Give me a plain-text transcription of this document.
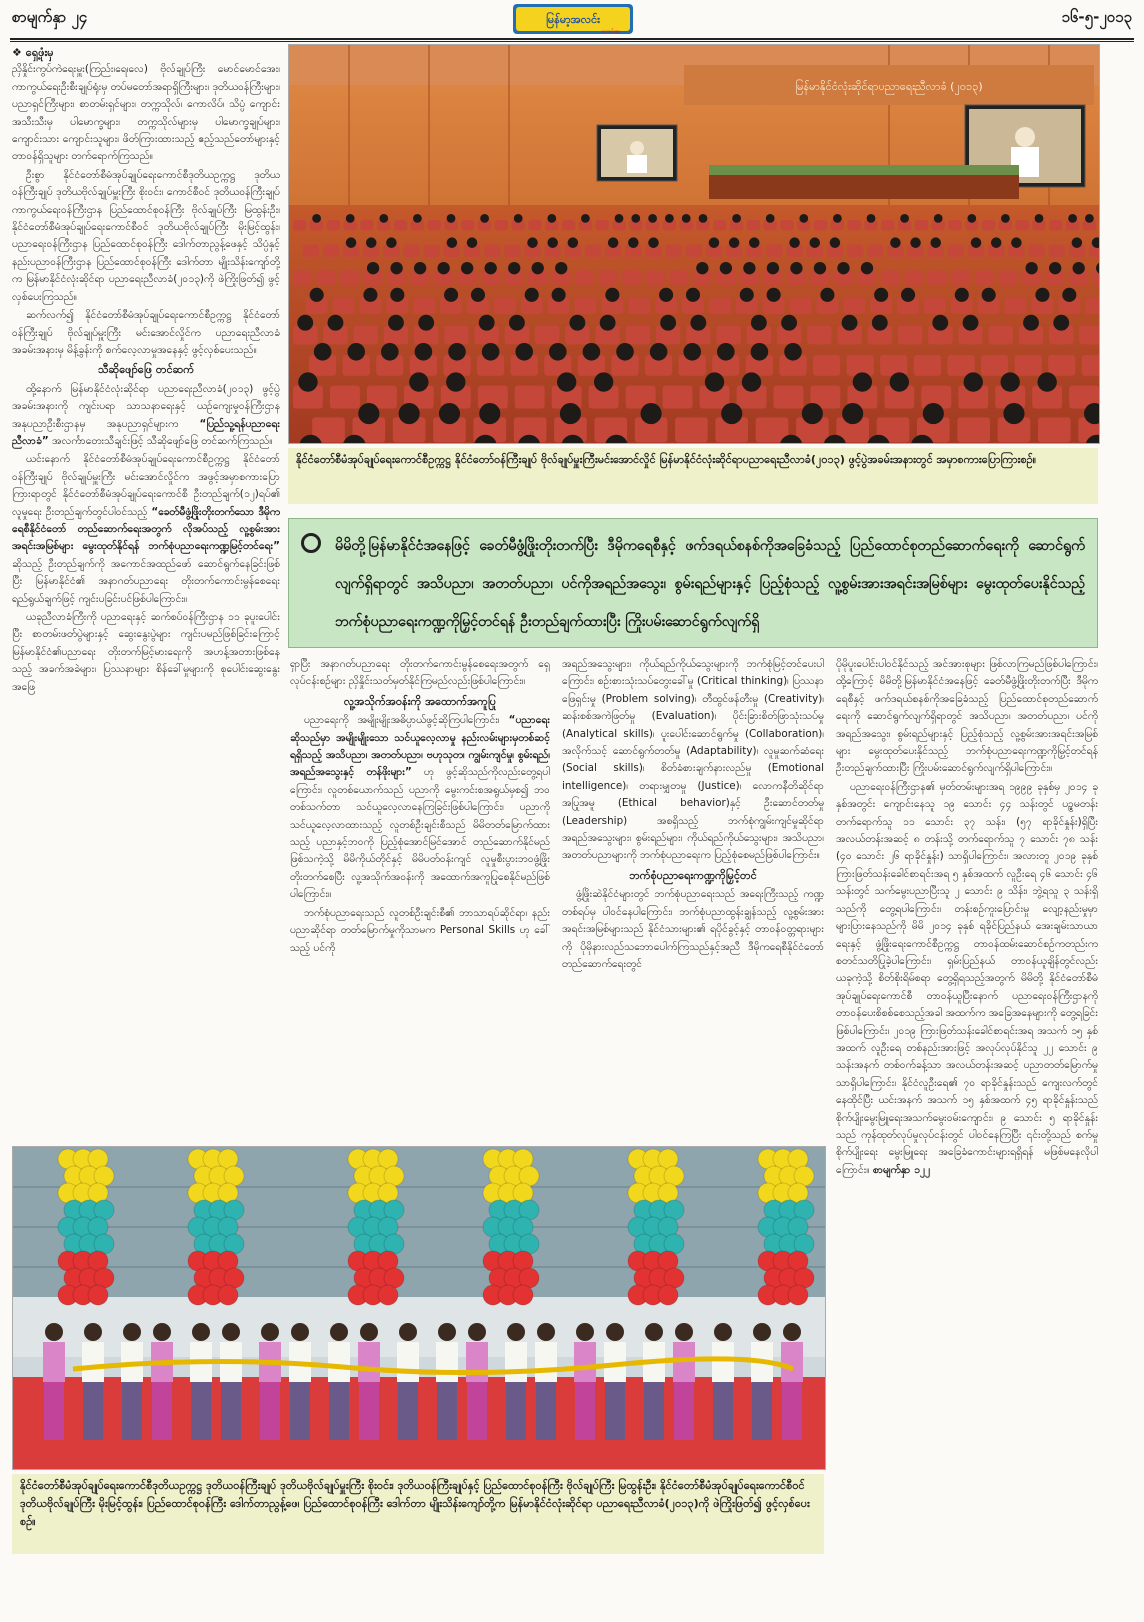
စာမျက်နှာ ၂၄	မြန်မာ့အလင်း
သတင်းစာ
၁၆-၅-၂၀၁၃
❖ ရှေ့ဖုံးမှ

ညှိနှိုင်းကွပ်ကဲရေးမှူး(ကြည်း၊ရေ၊လေ) ဗိုလ်ချုပ်ကြီး မောင်မောင်အေး၊ ကာကွယ်ရေးဦးစီးချုပ်ရုံးမှ တပ်မတော်အရာရှိကြီးများ၊ ဒုတိယဝန်ကြီးများ၊ ပညာရှင်ကြီးများ၊ စာတမ်းရှင်များ၊ တက္ကသိုလ်၊ ကောလိပ်၊ သိပ္ပံ ကျောင်းအသီးသီးမှ ပါမောက္ခများ၊ တက္ကသိုလ်များမှ ပါမောက္ခချုပ်များ၊ ကျောင်းသား ကျောင်းသူများ၊ ဖိတ်ကြားထားသည့် ဧည့်သည်တော်များနှင့် တာဝန်ရှိသူများ တက်ရောက်ကြသည်။

ဦးစွာ နိုင်ငံတော်စီမံအုပ်ချုပ်ရေးကောင်စီဒုတိယဥက္ကဋ္ဌ ဒုတိယဝန်ကြီးချုပ် ဒုတိယဗိုလ်ချုပ်မှူးကြီး စိုးဝင်း၊ ကောင်စီဝင် ဒုတိယဝန်ကြီးချုပ် ကာကွယ်ရေးဝန်ကြီးဌာန ပြည်ထောင်စုဝန်ကြီး ဗိုလ်ချုပ်ကြီး မြထွန်းဦး၊ နိုင်ငံတော်စီမံအုပ်ချုပ်ရေးကောင်စီဝင် ဒုတိယဗိုလ်ချုပ်ကြီး မိုးမြင့်ထွန်း၊ ပညာရေးဝန်ကြီးဌာန ပြည်ထောင်စုဝန်ကြီး ဒေါက်တာညွန့်ဖေနှင့် သိပ္ပံနှင့်နည်းပညာဝန်ကြီးဌာန ပြည်ထောင်စုဝန်ကြီး ဒေါက်တာ မျိုးသိန်းကျော်တို့က မြန်မာနိုင်ငံလုံးဆိုင်ရာ ပညာရေးညီလာခံ(၂၀၁၃)ကို ဖဲကြိုးဖြတ်၍ ဖွင့်လှစ်ပေးကြသည်။

ဆက်လက်၍ နိုင်ငံတော်စီမံအုပ်ချုပ်ရေးကောင်စီဥက္ကဋ္ဌ နိုင်ငံတော်ဝန်ကြီးချုပ် ဗိုလ်ချုပ်မှူးကြီး မင်းအောင်လှိုင်က ပညာရေးညီလာခံ အခမ်းအနားမှ မိန့်ခွန်းကို စက်လေ့လာမှုအနေနှင့် ဖွင့်လှစ်ပေးသည်။

သီဆိုဖျော်ဖြေ တင်ဆက်

ထို့နောက် မြန်မာနိုင်ငံလုံးဆိုင်ရာ ပညာရေးညီလာခံ(၂၀၁၃) ဖွင့်ပွဲအခမ်းအနားကို ကျင်းပရာ သာသနာရေးနှင့် ယဉ်ကျေးမှုဝန်ကြီးဌာန အနုပညာဦးစီးဌာနမှ အနုပညာရှင်များက “ပြည်သူ့ရန်ပညာရေး ညီလာခံ” အလင်္ကာတေးသီချင်းဖြင့် သီဆိုဖျော်ဖြေ တင်ဆက်ကြသည်။

ယင်းနောက် နိုင်ငံတော်စီမံအုပ်ချုပ်ရေးကောင်စီဥက္ကဋ္ဌ နိုင်ငံတော်ဝန်ကြီးချုပ် ဗိုလ်ချုပ်မှူးကြီး မင်းအောင်လှိုင်က အဖွင့်အမှာစကားပြောကြားရာတွင် နိုင်ငံတော်စီမံအုပ်ချုပ်ရေးကောင်စီ ဦးတည်ချက်(၁၂)ရပ်၏ လူမှုရေး ဦးတည်ချက်တွင်ပါဝင်သည့် “ခေတ်မီဖွံ့ဖြိုးတိုးတက်သော ဒီမိုကရေစီနိုင်ငံတော် တည်ဆောက်ရေးအတွက် လိုအပ်သည့် လူ့စွမ်းအား အရင်းအမြစ်များ မွေးထုတ်နိုင်ရန် ဘက်စုံပညာရေးကဏ္ဍမြင့်တင်ရေး” ဆိုသည့် ဦးတည်ချက်ကို အကောင်အထည်ဖော် ဆောင်ရွက်နေခြင်းဖြစ်ပြီး မြန်မာနိုင်ငံ၏ အနာဂတ်ပညာရေး တိုးတက်ကောင်းမွန်စေရေး ရည်ရွယ်ချက်ဖြင့် ကျင်းပခြင်းပင်ဖြစ်ပါကြောင်း။

ယခုညီလာခံကြီးကို ပညာရေးနှင့် ဆက်စပ်ဝန်ကြီးဌာန ၁၁ ခုပူးပေါင်းပြီး စာတမ်းဖတ်ပွဲများနှင့် ဆွေးနွေးပွဲများ ကျင်းပမည်ဖြစ်ခြင်းကြောင့် မြန်မာနိုင်ငံ၏ပညာရေး တိုးတက်မြင့်မားရေးကို အဟန့်အတားဖြစ်နေသည့် အခက်အခဲများ၊ ပြဿနာများ စိန်ခေါ်မှုများကို စုပေါင်းဆွေးနွေးအဖြေ

မြန်မာနိုင်ငံလုံးဆိုင်ရာပညာရေးညီလာခံ (၂၀၁၃)
နိုင်ငံတော်စီမံအုပ်ချုပ်ရေးကောင်စီဥက္ကဋ္ဌ နိုင်ငံတော်ဝန်ကြီးချုပ် ဗိုလ်ချုပ်မှူးကြီးမင်းအောင်လှိုင် မြန်မာနိုင်ငံလုံးဆိုင်ရာပညာရေးညီလာခံ(၂၀၁၃) ဖွင့်ပွဲအခမ်းအနားတွင် အမှာစကားပြောကြားစဉ်။
မိမိတို့မြန်မာနိုင်ငံအနေဖြင့် ခေတ်မီဖွံ့ဖြိုးတိုးတက်ပြီး ဒီမိုကရေစီနှင့် ဖက်ဒရယ်စနစ်ကိုအခြေခံသည့် ပြည်ထောင်စုတည်ဆောက်ရေးကို ဆောင်ရွက်လျက်ရှိရာတွင် အသိပညာ၊ အတတ်ပညာ၊ ပင်ကိုအရည်အသွေး၊ စွမ်းရည်များနှင့် ပြည့်စုံသည့် လူ့စွမ်းအားအရင်းအမြစ်များ မွေးထုတ်ပေးနိုင်သည့် ဘက်စုံပညာရေးကဏ္ဍကိုမြှင့်တင်ရန် ဦးတည်ချက်ထားပြီး ကြိုးပမ်းဆောင်ရွက်လျက်ရှိ

ရှာပြီး အနာဂတ်ပညာရေး တိုးတက်ကောင်းမွန်စေရေးအတွက် ရှေ့လုပ်ငန်းစဉ်များ ညှိနှိုင်းသတ်မှတ်နိုင်ကြမည်လည်းဖြစ်ပါကြောင်း။

လူ့အသိုက်အဝန်းကို အထောက်အကူပြု

ပညာရေးကို အမျိုးမျိုးအဓိပ္ပာယ်ဖွင့်ဆိုကြပါကြောင်း၊ “ပညာရေးဆိုသည်မှာ အမျိုးမျိုးသော သင်ယူလေ့လာမှု နည်းလမ်းများမှတစ်ဆင့်ရရှိသည့် အသိပညာ၊ အတတ်ပညာ၊ ဗဟုသုတ၊ ကျွမ်းကျင်မှု၊ စွမ်းရည်၊ အရည်အသွေးနှင့် တန်ဖိုးများ” ဟု ဖွင့်ဆိုသည်ကိုလည်းတွေ့ရပါကြောင်း၊ လူတစ်ယောက်သည် ပညာကို မွေးကင်းစအရွယ်မှစ၍ ဘဝတစ်သက်တာ သင်ယူလေ့လာနေကြခြင်းဖြစ်ပါကြောင်း၊ ပညာကို သင်ယူလေ့လာထားသည့် လူတစ်ဦးချင်းစီသည် မိမိတတ်မြောက်ထားသည့် ပညာနှင့်ဘဝကို ပြည့်စုံအောင်မြင်အောင် တည်ဆောက်နိုင်မည်ဖြစ်သကဲ့သို့ မိမိကိုယ်တိုင်နှင့် မိမိပတ်ဝန်းကျင် လူမှုစီးပွားဘဝဖွံ့ဖြိုးတိုးတက်စေပြီး လူ့အသိုက်အဝန်းကို အထောက်အကူပြုစေနိုင်မည်ဖြစ်ပါကြောင်း။

ဘက်စုံပညာရေးသည် လူတစ်ဦးချင်းစီ၏ ဘာသာရပ်ဆိုင်ရာ၊ နည်းပညာဆိုင်ရာ တတ်မြောက်မှုကိုသာမက Personal Skills ဟု ခေါ်သည့် ပင်ကို

အရည်အသွေးများ၊ ကိုယ်ရည်ကိုယ်သွေးများကို ဘက်စုံမြင့်တင်ပေးပါကြောင်း၊ စဉ်းစားသုံးသပ်တွေးခေါ်မှု (Critical thinking)၊ ပြဿနာဖြေရှင်းမှု (Problem solving)၊ တီထွင်ဖန်တီးမှု (Creativity)၊ ဆန်းစစ်အကဲဖြတ်မှု (Evaluation)၊ ပိုင်းခြားစိတ်ဖြာသုံးသပ်မှု (Analytical skills)၊ ပူးပေါင်းဆောင်ရွက်မှု (Collaboration)၊ အလိုက်သင့် ဆောင်ရွက်တတ်မှု (Adaptability)၊ လူမှုဆက်ဆံရေး (Social skills)၊ စိတ်ခံစားချက်နားလည်မှု (Emotional intelligence)၊ တရားမျှတမှု (Justice)၊ လောကနီတိဆိုင်ရာ အပြုအမူ (Ethical behavior)နှင့် ဦးဆောင်တတ်မှု (Leadership) အစရှိသည့် ဘက်စုံကျွမ်းကျင်မှုဆိုင်ရာ အရည်အသွေးများ၊ စွမ်းရည်များ၊ ကိုယ်ရည်ကိုယ်သွေးများ၊ အသိပညာ၊ အတတ်ပညာများကို ဘက်စုံပညာရေးက ပြည့်စုံစေမည်ဖြစ်ပါကြောင်း။

ဘက်စုံပညာရေးကဏ္ဍကိုမြှင့်တင်

ဖွံ့ဖြိုးဆဲနိုင်ငံများတွင် ဘက်စုံပညာရေးသည် အရေးကြီးသည့် ကဏ္ဍတစ်ရပ်မှ ပါဝင်နေပါကြောင်း၊ ဘက်စုံပညာထွန်းချွန်သည့် လူ့စွမ်းအား အရင်းအမြစ်များသည် နိုင်ငံသားများ၏ ရပိုင်ခွင့်နှင့် တာဝန်ဝတ္တရားများကို ပိုမိုနားလည်သဘောပေါက်ကြသည်နှင့်အညီ ဒီမိုကရေစီနိုင်ငံတော်တည်ဆောက်ရေးတွင်

ပိုမိုပူးပေါင်းပါဝင်နိုင်သည့် အင်အားစုများ ဖြစ်လာကြမည်ဖြစ်ပါကြောင်း၊ ထို့ကြောင့် မိမိတို့မြန်မာနိုင်ငံအနေဖြင့် ခေတ်မီဖွံ့ဖြိုးတိုးတက်ပြီး ဒီမိုကရေစီနှင့် ဖက်ဒရယ်စနစ်ကိုအခြေခံသည့် ပြည်ထောင်စုတည်ဆောက်ရေးကို ဆောင်ရွက်လျက်ရှိရာတွင် အသိပညာ၊ အတတ်ပညာ၊ ပင်ကိုအရည်အသွေး၊ စွမ်းရည်များနှင့် ပြည့်စုံသည့် လူ့စွမ်းအားအရင်းအမြစ်များ မွေးထုတ်ပေးနိုင်သည့် ဘက်စုံပညာရေးကဏ္ဍကိုမြှင့်တင်ရန် ဦးတည်ချက်ထားပြီး ကြိုးပမ်းဆောင်ရွက်လျက်ရှိပါကြောင်း။

ပညာရေးဝန်ကြီးဌာန၏ မှတ်တမ်းများအရ ၁၉၉၉ ခုနှစ်မှ ၂၀၁၄ ခုနှစ်အတွင်း ကျောင်းနေသူ ၁၉ သောင်း ၄၄ သန်းတွင် ပဉ္စမတန်းတက်ရောက်သူ ၁၁ သောင်း ၃၇ သန်း၊ (၅၇ ရာခိုင်နှုန်း)ရှိပြီး အလယ်တန်းအဆင့် ၈ တန်းသို့ တက်ရောက်သူ ၇ သောင်း ၇၈ သန်း (၄၀ သောင်း ၂၆ ရာခိုင်နှုန်း) သာရှိပါကြောင်း၊ အလားတူ ၂၀၁၉ ခုနှစ် ကြားဖြတ်သန်းခေါင်စာရင်းအရ ၅ နှစ်အထက် လူဦးရေ ၄၆ သောင်း ၄၆ သန်းတွင် သက်မွေးပညာပြီးသူ ၂ သောင်း ၉ သိန်း၊ ဘွဲ့ရသူ ၃ သန်းရှိသည်ကို တွေ့ရပါကြောင်း၊ တန်းစဉ်ကူးပြောင်းမှု လျော့နည်းမှုမှာ များပြားနေသည်ကို မိမိ ၂၀၁၄ ခုနှစ် ရခိုင်ပြည်နယ် အေးချမ်းသာယာရေးနှင့် ဖွံ့ဖြိုးရေးကောင်စီဥက္ကဋ္ဌ တာဝန်ထမ်းဆောင်စဉ်ကတည်းက စတင်သတိပြုခဲ့ပါကြောင်း၊ ရှမ်းပြည်နယ် တာဝန်ယူချိန်တွင်လည်း ယခုကဲ့သို့ စိတ်စိုးရိမ်စရာ တွေ့ရှိရသည့်အတွက် မိမိတို့ နိုင်ငံတော်စီမံအုပ်ချုပ်ရေးကောင်စီ တာဝန်ယူပြီးနောက် ပညာရေးဝန်ကြီးဌာနကို တာဝန်ပေးစိစစ်စေသည့်အခါ အထက်က အခြေအနေများကို တွေ့ရခြင်းဖြစ်ပါကြောင်း၊ ၂၀၁၉ ကြားဖြတ်သန်းခေါင်စာရင်းအရ အသက် ၁၅ နှစ်အထက် လူဦးရေ တစ်နည်းအားဖြင့် အလုပ်လုပ်နိုင်သူ ၂၂ သောင်း ၉ သန်းအနက် တစ်ဝက်ခန့်သာ အလယ်တန်းအဆင့် ပညာတတ်မြောက်မှုသာရှိပါကြောင်း၊ နိုင်ငံလူဦးရေ၏ ၇၀ ရာခိုင်နှုန်းသည် ကျေးလက်တွင်နေထိုင်ပြီး ယင်းအနက် အသက် ၁၅ နှစ်အထက် ၄၅ ရာခိုင်နှုန်းသည် စိုက်ပျိုးမွေးမြူရေးအသက်မွေးဝမ်းကျောင်း၊ ၉ သောင်း ၅ ရာခိုင်နှုန်းသည် ကုန်ထုတ်လုပ်မှုလုပ်ငန်းတွင် ပါဝင်နေကြပြီး ၎င်းတို့သည် စက်မှုစိုက်ပျိုးရေး မွေးမြူရေး အခြေခံကောင်းများရရှိရန် မဖြစ်မနေလိုပါကြောင်း။ စာမျက်နှာ ၁၂၂

နိုင်ငံတော်စီမံအုပ်ချုပ်ရေးကောင်စီဒုတိယဥက္ကဋ္ဌ ဒုတိယဝန်ကြီးချုပ် ဒုတိယဗိုလ်ချုပ်မှူးကြီး စိုးဝင်း၊ ဒုတိယဝန်ကြီးချုပ်နှင့် ပြည်ထောင်စုဝန်ကြီး ဗိုလ်ချုပ်ကြီး မြထွန်းဦး၊ နိုင်ငံတော်စီမံအုပ်ချုပ်ရေးကောင်စီဝင် ဒုတိယဗိုလ်ချုပ်ကြီး မိုးမြင့်ထွန်း၊ ပြည်ထောင်စုဝန်ကြီး ဒေါက်တာညွန့်ဖေ၊ ပြည်ထောင်စုဝန်ကြီး ဒေါက်တာ မျိုးသိန်းကျော်တို့က မြန်မာနိုင်ငံလုံးဆိုင်ရာ ပညာရေးညီလာခံ(၂၀၁၃)ကို ဖဲကြိုးဖြတ်၍ ဖွင့်လှစ်ပေးစဉ်။
